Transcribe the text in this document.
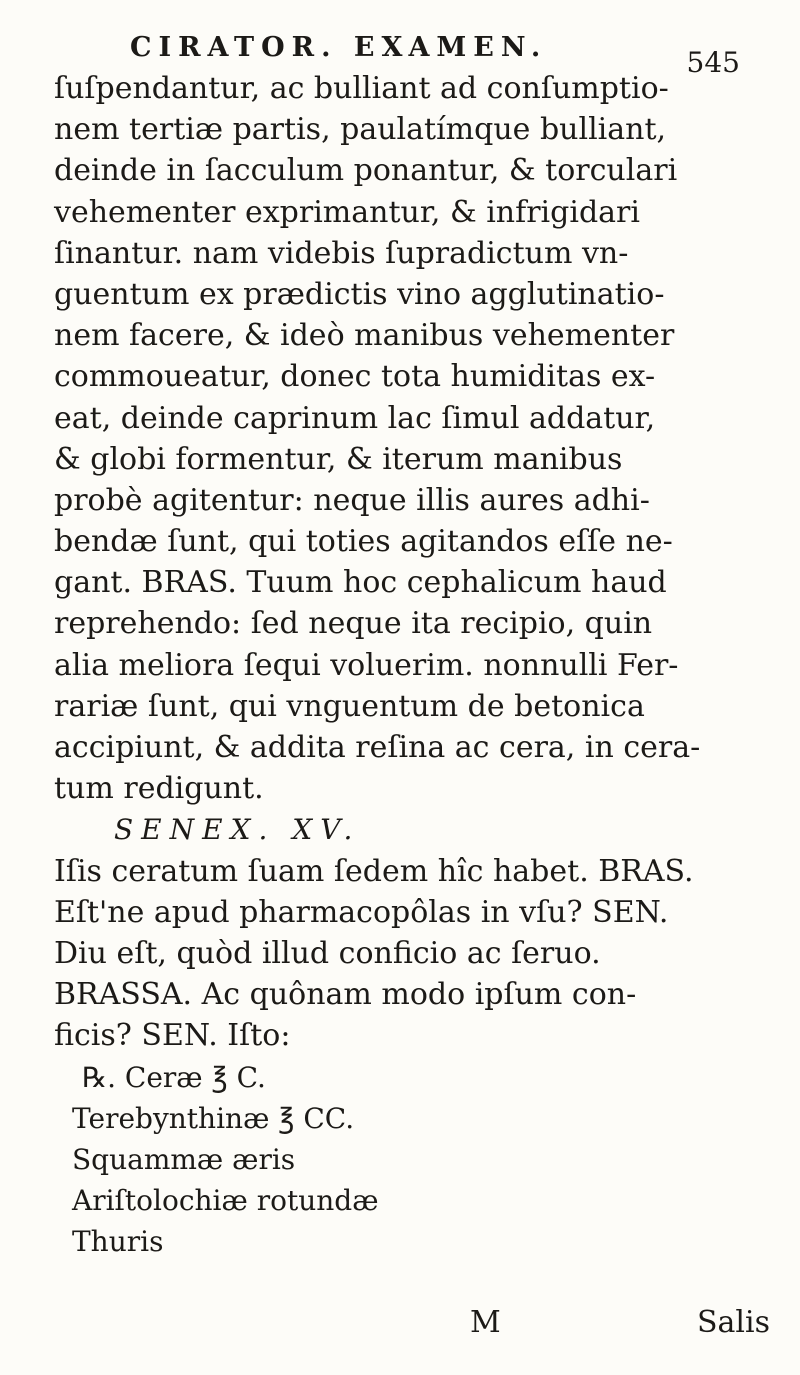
CIRATOR. EXAMEN.	545
ſuſpendantur, ac bulliant ad conſumptio-
nem tertiæ partis, paulatímque bulliant,
deinde in ſacculum ponantur, & torculari
vehementer exprimantur, & infrigidari
ſinantur. nam videbis ſupradictum vn-
guentum ex prædictis vino agglutinatio-
nem facere, & ideò manibus vehementer
commoueatur, donec tota humiditas ex-
eat, deinde caprinum lac ſimul addatur,
& globi formentur, & iterum manibus
probè agitentur: neque illis aures adhi-
bendæ ſunt, qui toties agitandos eſſe ne-
gant. BRAS. Tuum hoc cephalicum haud
reprehendo: ſed neque ita recipio, quin
alia meliora ſequi voluerim. nonnulli Fer-
rariæ ſunt, qui vnguentum de betonica
accipiunt, & addita reſina ac cera, in cera-
tum redigunt.
SENEX. XV.
Iſis ceratum ſuam ſedem hîc habet. BRAS.
Eſt'ne apud pharmacopôlas in vſu? SEN.
Diu eſt, quòd illud conficio ac ſeruo.
BRASSA. Ac quônam modo ipſum con-
ficis? SEN. Iſto:
℞. Ceræ ℥ C.
Terebynthinæ ℥ CC.
Squammæ æris
Ariſtolochiæ rotundæ
Thuris
M	Salis
